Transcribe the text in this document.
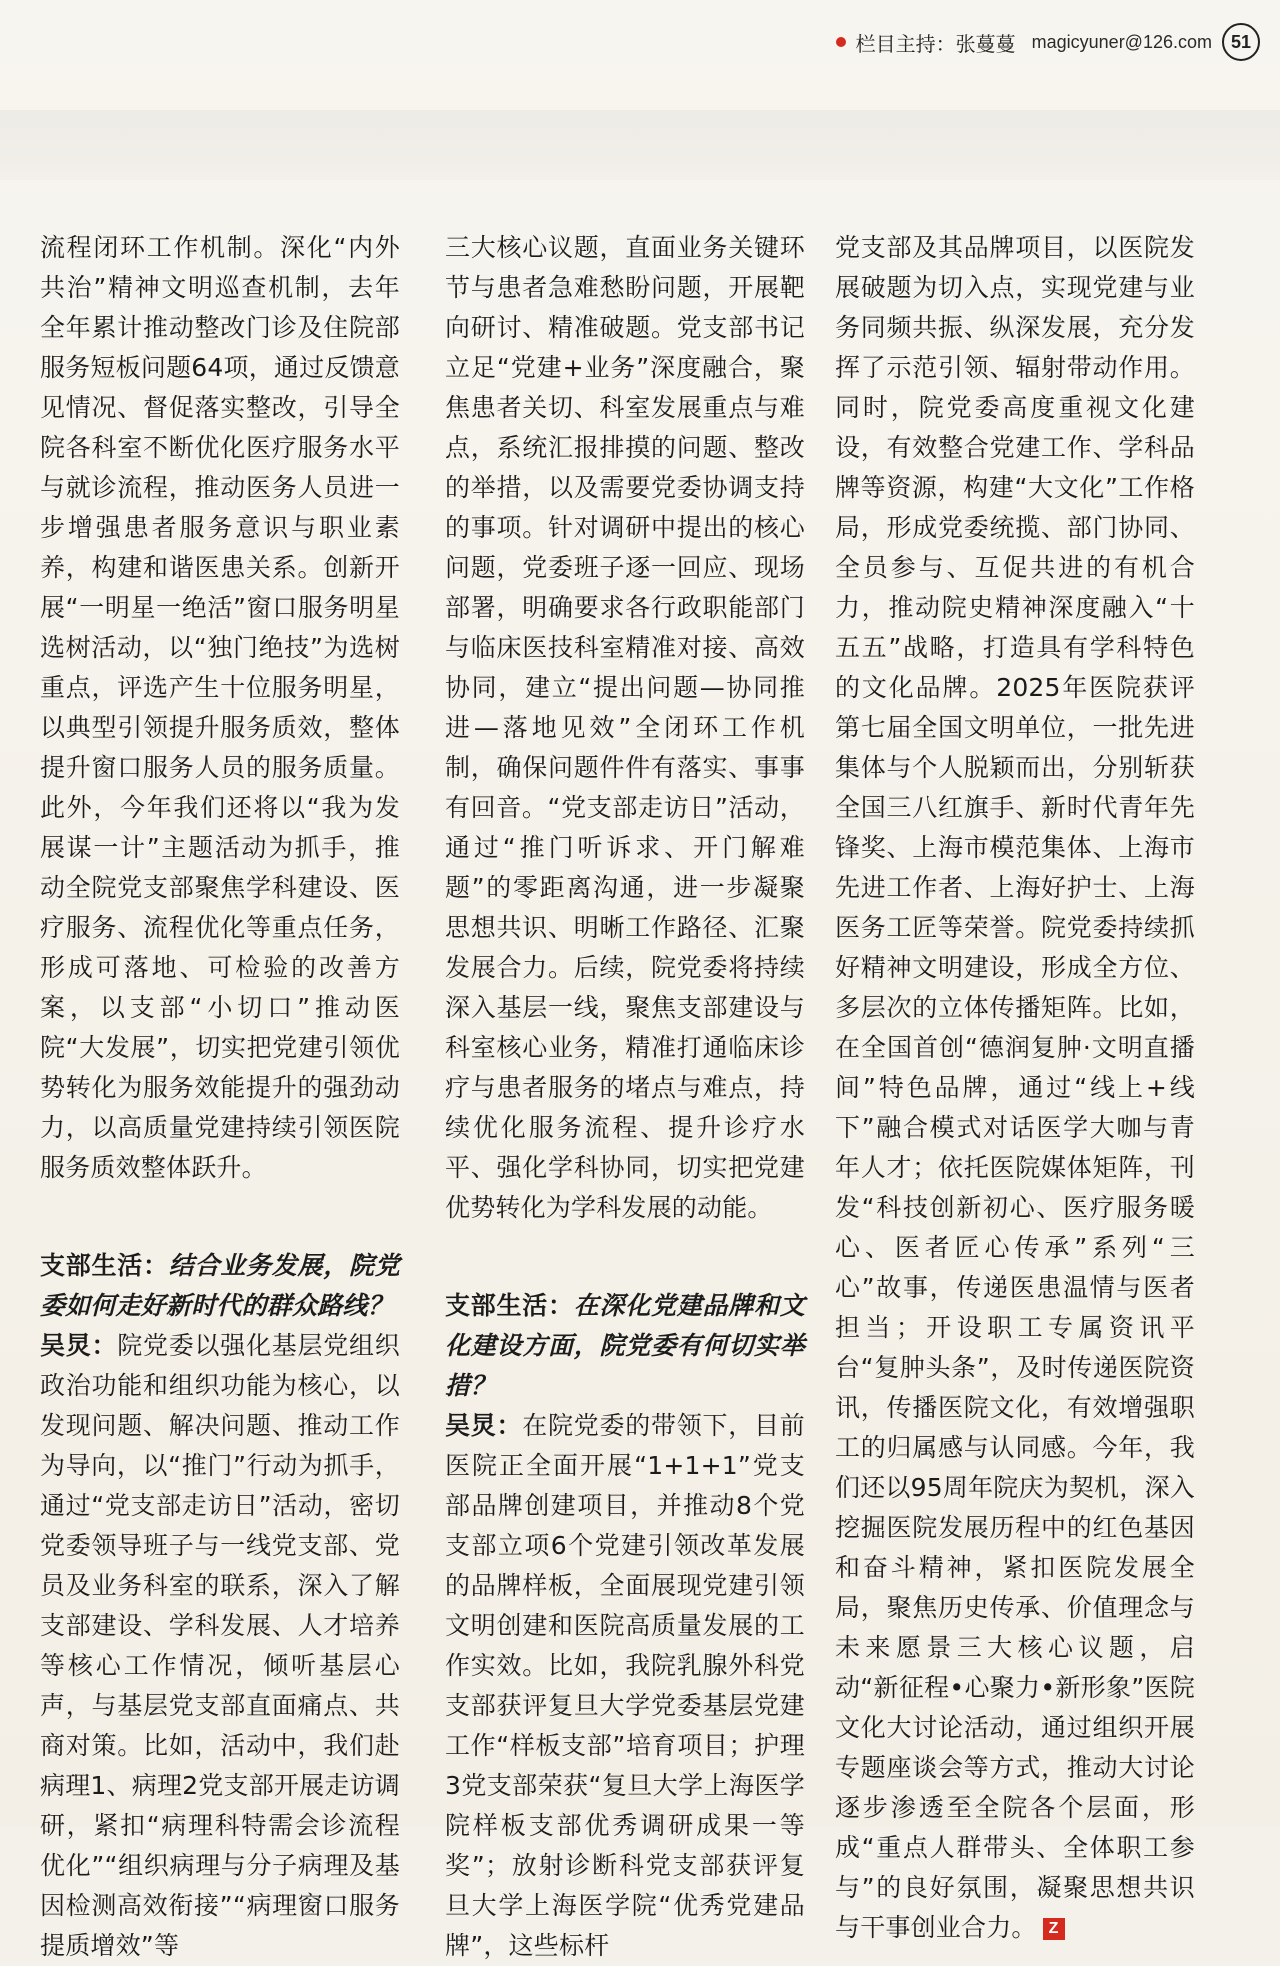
栏目主持：张蔓蔓 magicyuner@126.com	51

流程闭环工作机制。深化“内外共治”精神文明巡查机制，去年全年累计推动整改门诊及住院部服务短板问题64项，通过反馈意见情况、督促落实整改，引导全院各科室不断优化医疗服务水平与就诊流程，推动医务人员进一步增强患者服务意识与职业素养，构建和谐医患关系。创新开展“一明星一绝活”窗口服务明星选树活动，以“独门绝技”为选树重点，评选产生十位服务明星，以典型引领提升服务质效，整体提升窗口服务人员的服务质量。此外，今年我们还将以“我为发展谋一计”主题活动为抓手，推动全院党支部聚焦学科建设、医疗服务、流程优化等重点任务，形成可落地、可检验的改善方案，以支部“小切口”推动医院“大发展”，切实把党建引领优势转化为服务效能提升的强劲动力，以高质量党建持续引领医院服务质效整体跃升。

支部生活：结合业务发展，院党委如何走好新时代的群众路线？

吴炅：院党委以强化基层党组织政治功能和组织功能为核心，以发现问题、解决问题、推动工作为导向，以“推门”行动为抓手，通过“党支部走访日”活动，密切党委领导班子与一线党支部、党员及业务科室的联系，深入了解支部建设、学科发展、人才培养等核心工作情况，倾听基层心声，与基层党支部直面痛点、共商对策。比如，活动中，我们赴病理1、病理2党支部开展走访调研，紧扣“病理科特需会诊流程优化”“组织病理与分子病理及基因检测高效衔接”“病理窗口服务提质增效”等

三大核心议题，直面业务关键环节与患者急难愁盼问题，开展靶向研讨、精准破题。党支部书记立足“党建+业务”深度融合，聚焦患者关切、科室发展重点与难点，系统汇报排摸的问题、整改的举措，以及需要党委协调支持的事项。针对调研中提出的核心问题，党委班子逐一回应、现场部署，明确要求各行政职能部门与临床医技科室精准对接、高效协同，建立“提出问题—协同推进—落地见效”全闭环工作机制，确保问题件件有落实、事事有回音。“党支部走访日”活动，通过“推门听诉求、开门解难题”的零距离沟通，进一步凝聚思想共识、明晰工作路径、汇聚发展合力。后续，院党委将持续深入基层一线，聚焦支部建设与科室核心业务，精准打通临床诊疗与患者服务的堵点与难点，持续优化服务流程、提升诊疗水平、强化学科协同，切实把党建优势转化为学科发展的动能。

支部生活：在深化党建品牌和文化建设方面，院党委有何切实举措？

吴炅：在院党委的带领下，目前医院正全面开展“1+1+1”党支部品牌创建项目，并推动8个党支部立项6个党建引领改革发展的品牌样板，全面展现党建引领文明创建和医院高质量发展的工作实效。比如，我院乳腺外科党支部获评复旦大学党委基层党建工作“样板支部”培育项目；护理3党支部荣获“复旦大学上海医学院样板支部优秀调研成果一等奖”；放射诊断科党支部获评复旦大学上海医学院“优秀党建品牌”，这些标杆

党支部及其品牌项目，以医院发展破题为切入点，实现党建与业务同频共振、纵深发展，充分发挥了示范引领、辐射带动作用。同时，院党委高度重视文化建设，有效整合党建工作、学科品牌等资源，构建“大文化”工作格局，形成党委统揽、部门协同、全员参与、互促共进的有机合力，推动院史精神深度融入“十五五”战略，打造具有学科特色的文化品牌。2025年医院获评第七届全国文明单位，一批先进集体与个人脱颖而出，分别斩获全国三八红旗手、新时代青年先锋奖、上海市模范集体、上海市先进工作者、上海好护士、上海医务工匠等荣誉。院党委持续抓好精神文明建设，形成全方位、多层次的立体传播矩阵。比如，在全国首创“德润复肿·文明直播间”特色品牌，通过“线上+线下”融合模式对话医学大咖与青年人才；依托医院媒体矩阵，刊发“科技创新初心、医疗服务暖心、医者匠心传承”系列“三心”故事，传递医患温情与医者担当；开设职工专属资讯平台“复肿头条”，及时传递医院资讯，传播医院文化，有效增强职工的归属感与认同感。今年，我们还以95周年院庆为契机，深入挖掘医院发展历程中的红色基因和奋斗精神，紧扣医院发展全局，聚焦历史传承、价值理念与未来愿景三大核心议题，启动“新征程•心聚力•新形象”医院文化大讨论活动，通过组织开展专题座谈会等方式，推动大讨论逐步渗透至全院各个层面，形成“重点人群带头、全体职工参与”的良好氛围，凝聚思想共识与干事创业合力。 Z
